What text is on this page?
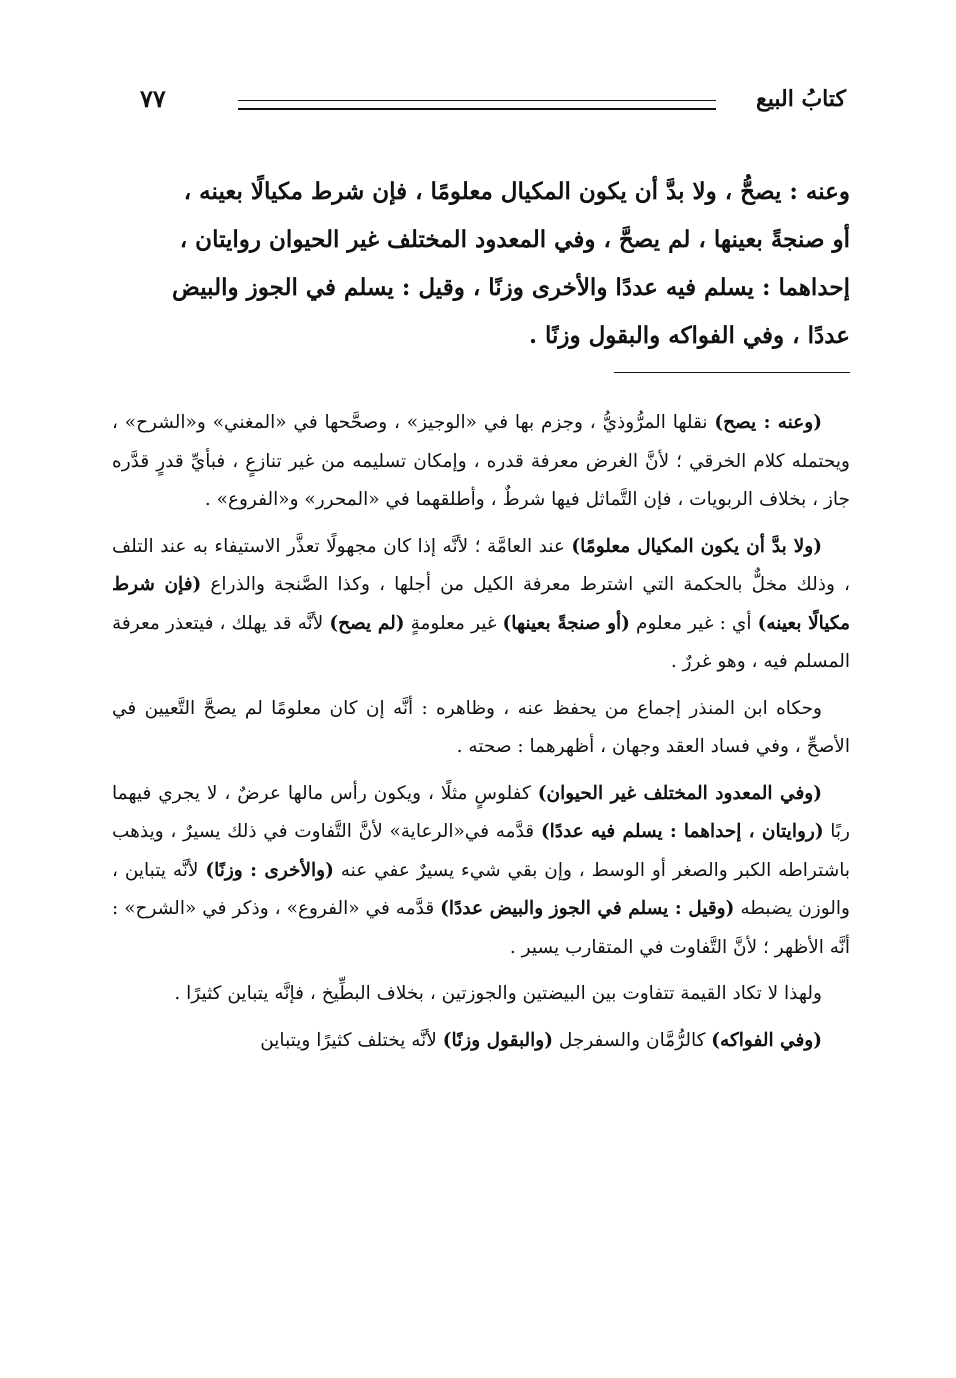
كتابُ البيع
٧٧
وعنه : يصحُّ ، ولا بدَّ أن يكون المكيال معلومًا ، فإن شرط مكيالًا بعينه ،
أو صنجةً بعينها ، لم يصحَّ ، وفي المعدود المختلف غير الحيوان روايتان ،
إحداهما : يسلم فيه عددًا والأخرى وزنًا ، وقيل : يسلم في الجوز والبيض
عددًا ، وفي الفواكه والبقول وزنًا .

(وعنه : يصح) نقلها المرُّوذيُّ ، وجزم بها في «الوجيز» ، وصحَّحها في «المغني» و«الشرح» ، ويحتمله كلام الخرقي ؛ لأنَّ الغرض معرفة قدره ، وإمكان تسليمه من غير تنازعٍ ، فبأيِّ قدرٍ قدَّره جاز ، بخلاف الربويات ، فإن التَّماثل فيها شرطٌ ، وأطلقهما في «المحرر» و«الفروع» .

(ولا بدَّ أن يكون المكيال معلومًا) عند العامَّة ؛ لأنَّه إذا كان مجهولًا تعذَّر الاستيفاء به عند التلف ، وذلك مخلٌّ بالحكمة التي اشترط معرفة الكيل من أجلها ، وكذا الصَّنجة والذراع (فإن شرط مكيالًا بعينه) أي : غير معلوم (أو صنجةً بعينها) غير معلومةٍ (لم يصح) لأنَّه قد يهلك ، فيتعذر معرفة المسلم فيه ، وهو غررٌ .

وحكاه ابن المنذر إجماع من يحفظ عنه ، وظاهره : أنَّه إن كان معلومًا لم يصحَّ التَّعيين في الأصحِّ ، وفي فساد العقد وجهان ، أظهرهما : صحته .

(وفي المعدود المختلف غير الحيوان) كفلوسٍ مثلًا ، ويكون رأس مالها عرضٌ ، لا يجري فيهما ربًا (روايتان ، إحداهما : يسلم فيه عددًا) قدَّمه في«الرعاية» لأنَّ التَّفاوت في ذلك يسيرٌ ، ويذهب باشتراطه الكبر والصغر أو الوسط ، وإن بقي شيء يسيرٌ عفي عنه (والأخرى : وزنًا) لأنَّه يتباين ، والوزن يضبطه (وقيل : يسلم في الجوز والبيض عددًا) قدَّمه في «الفروع» ، وذكر في «الشرح» : أنَّه الأظهر ؛ لأنَّ التَّفاوت في المتقارب يسير .

ولهذا لا تكاد القيمة تتفاوت بين البيضتين والجوزتين ، بخلاف البطِّيخ ، فإنَّه يتباين كثيرًا .

(وفي الفواكه) كالرُّمَّان والسفرجل (والبقول وزنًا) لأنَّه يختلف كثيرًا ويتباين
